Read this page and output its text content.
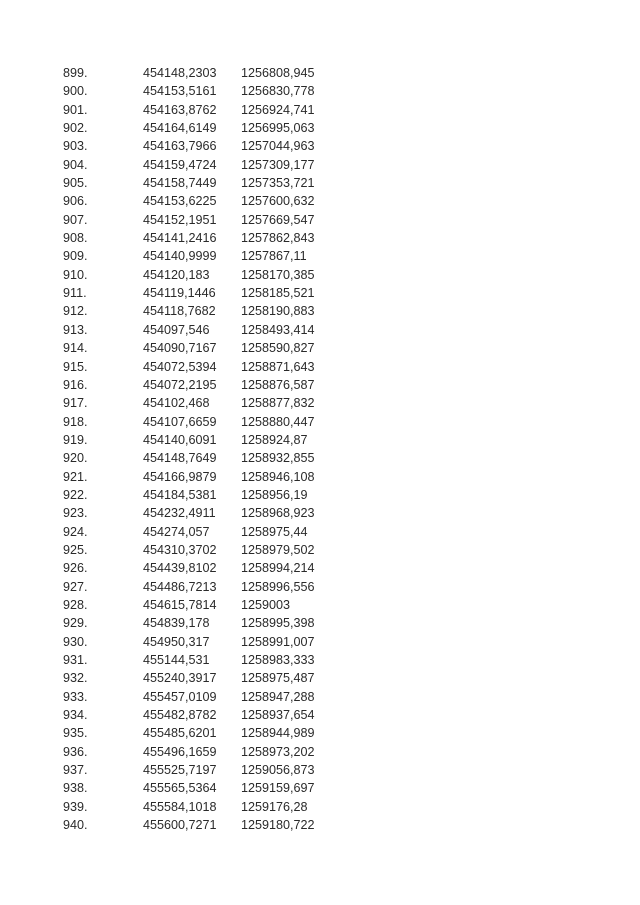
899.	454148,2303 1256808,945
900.	454153,5161 1256830,778
901.	454163,8762 1256924,741
902.	454164,6149 1256995,063
903.	454163,7966 1257044,963
904.	454159,4724 1257309,177
905.	454158,7449 1257353,721
906.	454153,6225 1257600,632
907.	454152,1951 1257669,547
908.	454141,2416 1257862,843
909.	454140,9999 1257867,11
910.	454120,183 1258170,385
911.	454119,1446 1258185,521
912.	454118,7682 1258190,883
913.	454097,546 1258493,414
914.	454090,7167 1258590,827
915.	454072,5394 1258871,643
916.	454072,2195 1258876,587
917.	454102,468 1258877,832
918.	454107,6659 1258880,447
919.	454140,6091 1258924,87
920.	454148,7649 1258932,855
921.	454166,9879 1258946,108
922.	454184,5381 1258956,19
923.	454232,4911 1258968,923
924.	454274,057 1258975,44
925.	454310,3702 1258979,502
926.	454439,8102 1258994,214
927.	454486,7213 1258996,556
928.	454615,7814 1259003
929.	454839,178 1258995,398
930.	454950,317 1258991,007
931.	455144,531 1258983,333
932.	455240,3917 1258975,487
933.	455457,0109 1258947,288
934.	455482,8782 1258937,654
935.	455485,6201 1258944,989
936.	455496,1659 1258973,202
937.	455525,7197 1259056,873
938.	455565,5364 1259159,697
939.	455584,1018 1259176,28
940.	455600,7271 1259180,722
